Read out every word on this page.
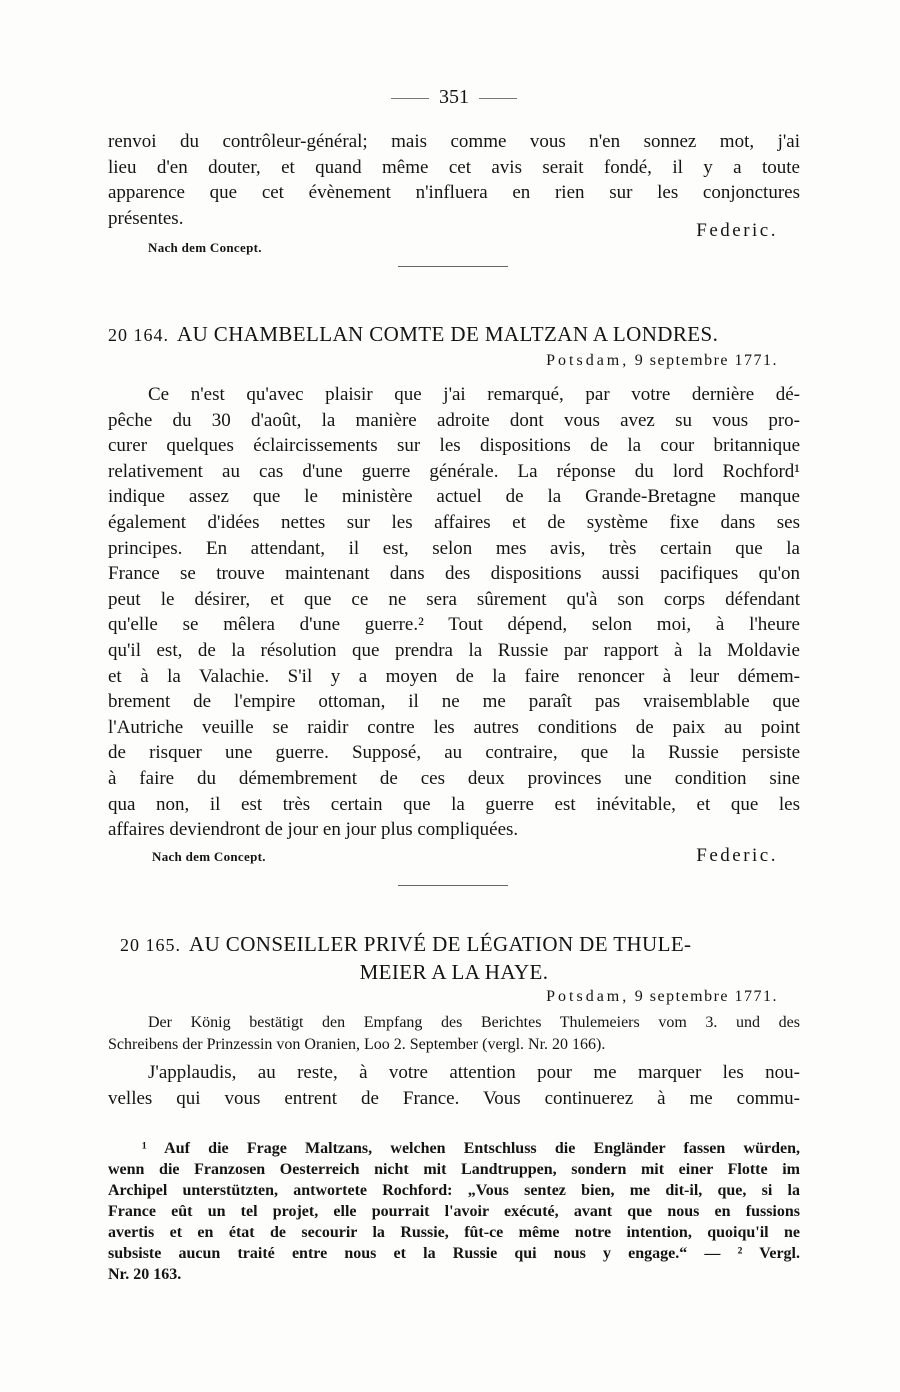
351
renvoi du contrôleur-général; mais comme vous n'en sonnez mot, j'ai
lieu d'en douter, et quand même cet avis serait fondé, il y a toute
apparence que cet évènement n'influera en rien sur les conjonctures
présentes.
Federic.
Nach dem Concept.
20 164. AU CHAMBELLAN COMTE DE MALTZAN A LONDRES.
Potsdam, 9 septembre 1771.
Ce n'est qu'avec plaisir que j'ai remarqué, par votre dernière dé-
pêche du 30 d'août, la manière adroite dont vous avez su vous pro-
curer quelques éclaircissements sur les dispositions de la cour britannique
relativement au cas d'une guerre générale. La réponse du lord Rochford¹
indique assez que le ministère actuel de la Grande-Bretagne manque
également d'idées nettes sur les affaires et de système fixe dans ses
principes. En attendant, il est, selon mes avis, très certain que la
France se trouve maintenant dans des dispositions aussi pacifiques qu'on
peut le désirer, et que ce ne sera sûrement qu'à son corps défendant
qu'elle se mêlera d'une guerre.² Tout dépend, selon moi, à l'heure
qu'il est, de la résolution que prendra la Russie par rapport à la Moldavie
et à la Valachie. S'il y a moyen de la faire renoncer à leur démem-
brement de l'empire ottoman, il ne me paraît pas vraisemblable que
l'Autriche veuille se raidir contre les autres conditions de paix au point
de risquer une guerre. Supposé, au contraire, que la Russie persiste
à faire du démembrement de ces deux provinces une condition sine
qua non, il est très certain que la guerre est inévitable, et que les
affaires deviendront de jour en jour plus compliquées.
Nach dem Concept.	Federic.
20 165. AU CONSEILLER PRIVÉ DE LÉGATION DE THULE-
MEIER A LA HAYE.
Potsdam, 9 septembre 1771.
Der König bestätigt den Empfang des Berichtes Thulemeiers vom 3. und des
Schreibens der Prinzessin von Oranien, Loo 2. September (vergl. Nr. 20 166).
J'applaudis, au reste, à votre attention pour me marquer les nou-
velles qui vous entrent de France. Vous continuerez à me commu-
¹ Auf die Frage Maltzans, welchen Entschluss die Engländer fassen würden,
wenn die Franzosen Oesterreich nicht mit Landtruppen, sondern mit einer Flotte im
Archipel unterstützten, antwortete Rochford: „Vous sentez bien, me dit-il, que, si la
France eût un tel projet, elle pourrait l'avoir exécuté, avant que nous en fussions
avertis et en état de secourir la Russie, fût-ce même notre intention, quoiqu'il ne
subsiste aucun traité entre nous et la Russie qui nous y engage.“ — ² Vergl.
Nr. 20 163.
